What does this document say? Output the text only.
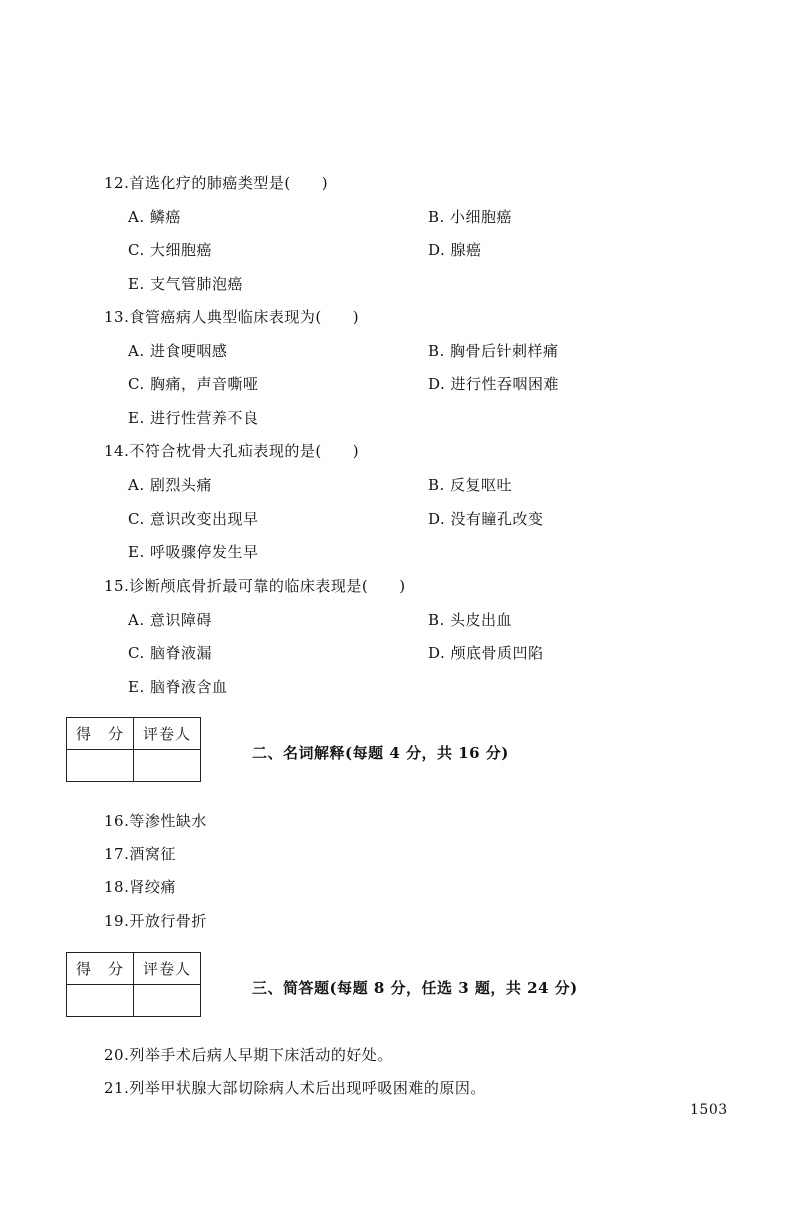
12.首选化疗的肺癌类型是(　　)
A. 鳞癌	B. 小细胞癌
C. 大细胞癌	D. 腺癌
E. 支气管肺泡癌
13.食管癌病人典型临床表现为(　　)
A. 进食哽咽感	B. 胸骨后针刺样痛
C. 胸痛，声音嘶哑	D. 进行性吞咽困难
E. 进行性营养不良
14.不符合枕骨大孔疝表现的是(　　)
A. 剧烈头痛	B. 反复呕吐
C. 意识改变出现早	D. 没有瞳孔改变
E. 呼吸骤停发生早
15.诊断颅底骨折最可靠的临床表现是(　　)
A. 意识障碍	B. 头皮出血
C. 脑脊液漏	D. 颅底骨质凹陷
E. 脑脊液含血
得　分	评卷人

二、名词解释(每题 4 分，共 16 分)
16.等渗性缺水
17.酒窝征
18.肾绞痛
19.开放行骨折
得　分	评卷人

三、简答题(每题 8 分，任选 3 题，共 24 分)
20.列举手术后病人早期下床活动的好处。
21.列举甲状腺大部切除病人术后出现呼吸困难的原因。
1503
